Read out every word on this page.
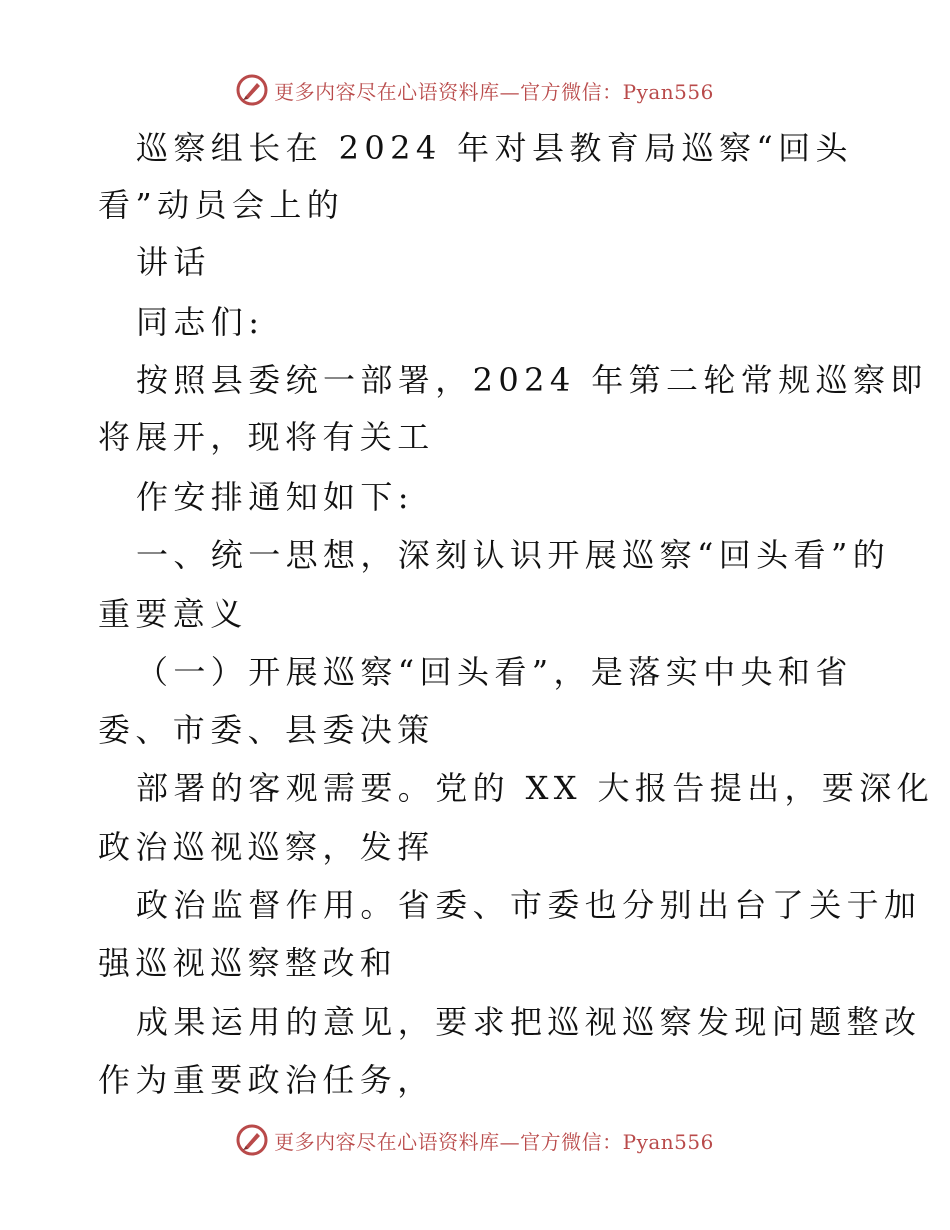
更多内容尽在心语资料库—官方微信：Pyan556
巡察组长在 2024 年对县教育局巡察“回头
看”动员会上的
讲话
同志们:
按照县委统一部署，2024 年第二轮常规巡察即
将展开，现将有关工
作安排通知如下:
一、统一思想，深刻认识开展巡察“回头看”的
重要意义
（一）开展巡察“回头看”，是落实中央和省
委、市委、县委决策
部署的客观需要。党的 XX 大报告提出，要深化
政治巡视巡察，发挥
政治监督作用。省委、市委也分别出台了关于加
强巡视巡察整改和
成果运用的意见，要求把巡视巡察发现问题整改
作为重要政治任务，
更多内容尽在心语资料库—官方微信：Pyan556
